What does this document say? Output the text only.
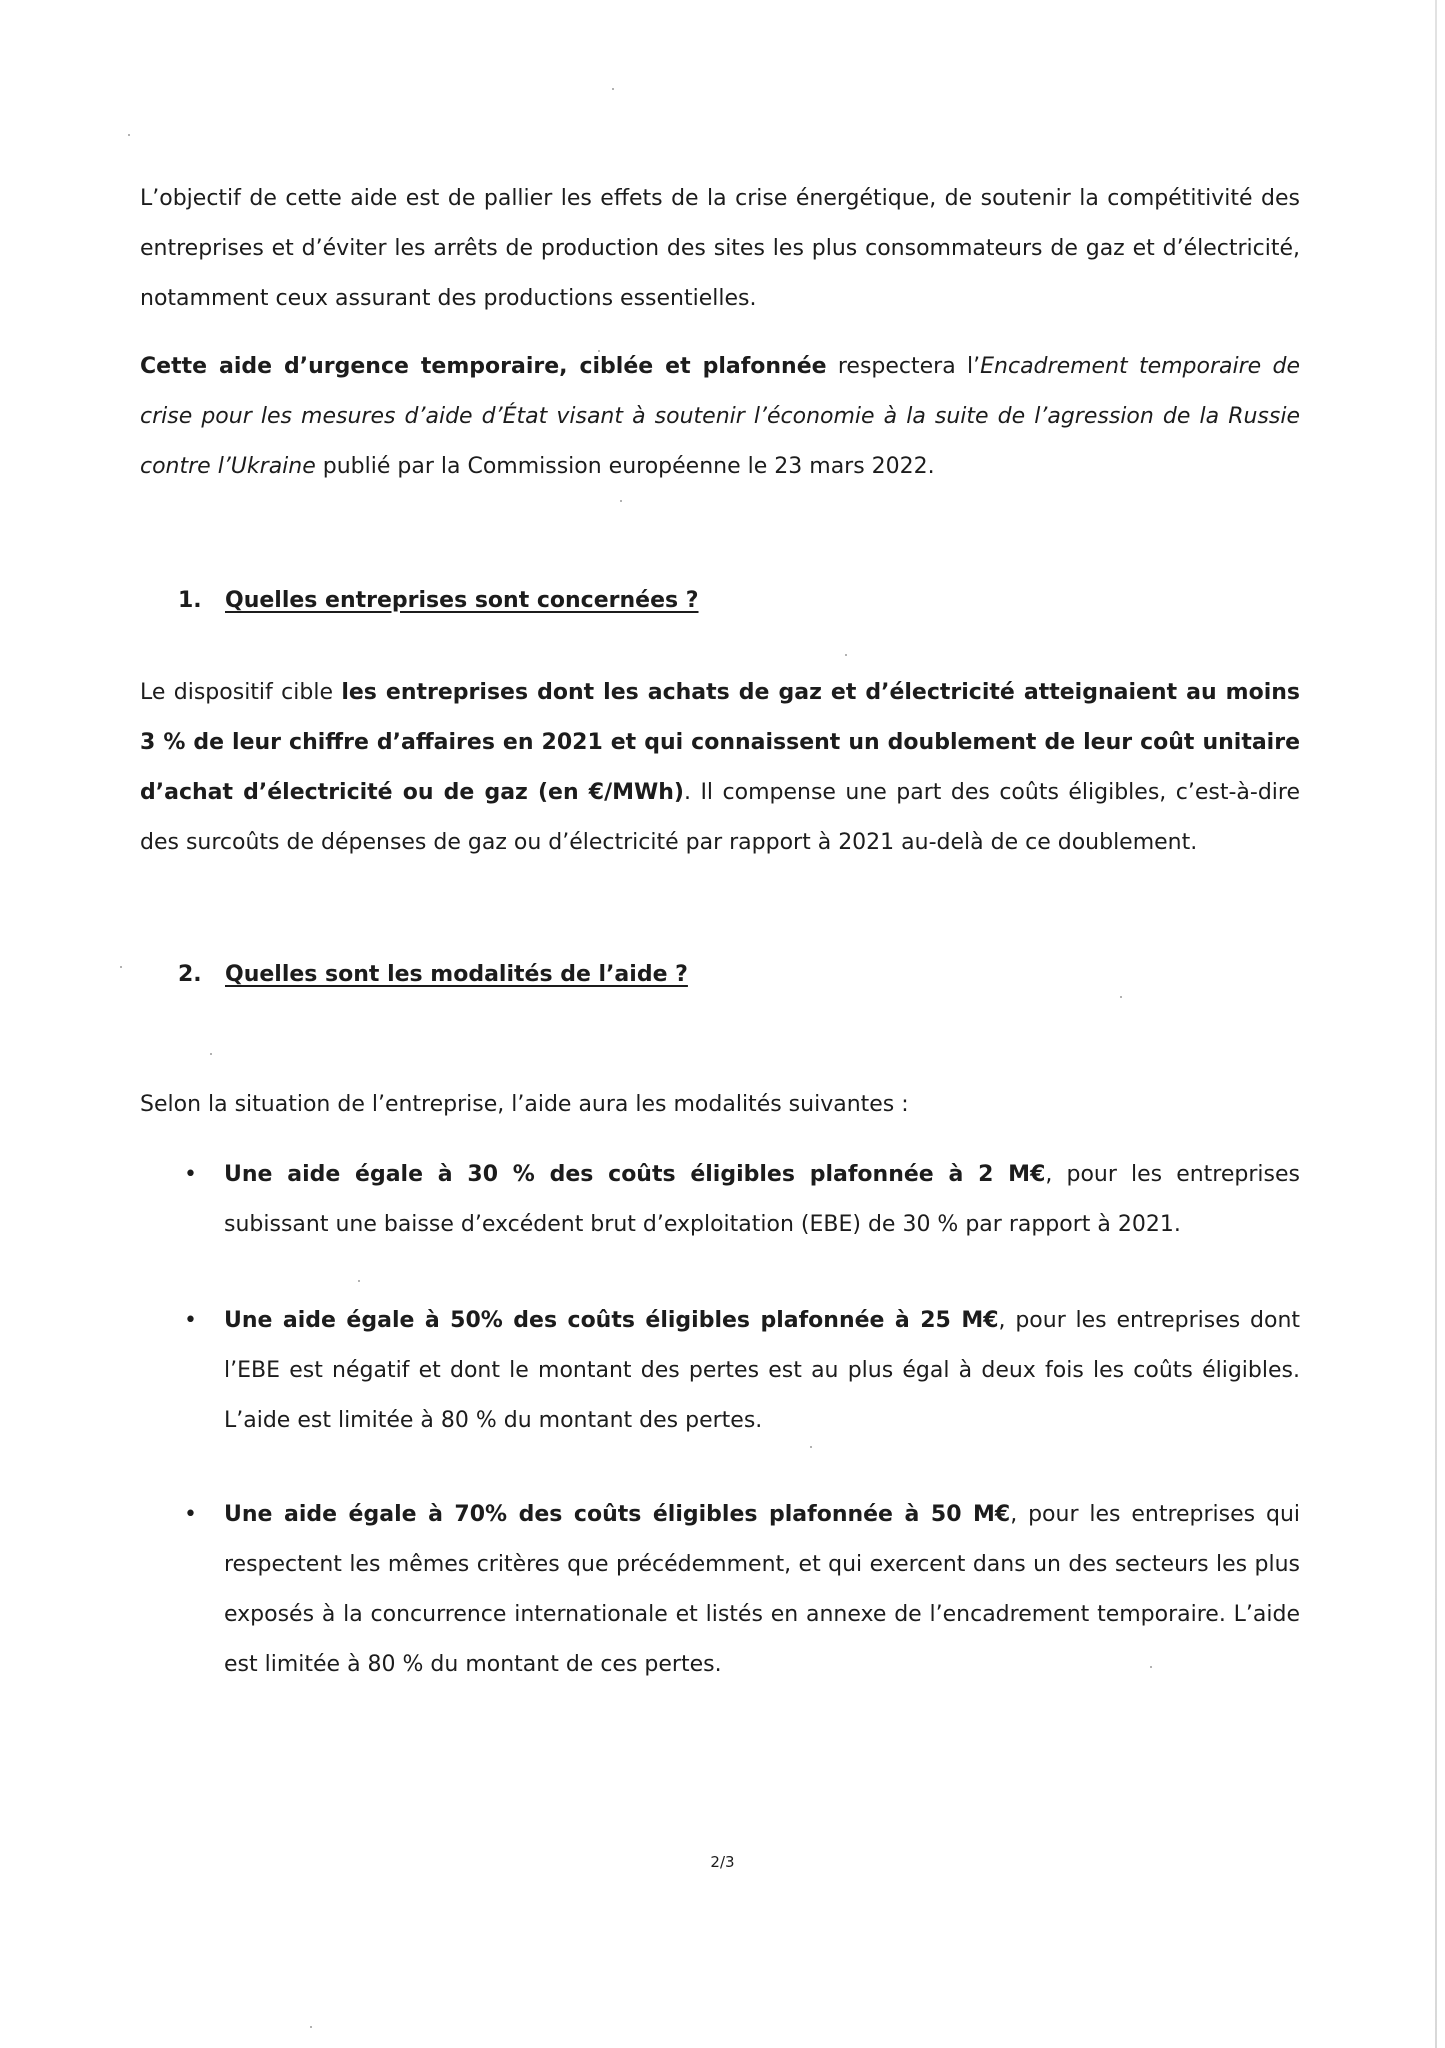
L’objectif de cette aide est de pallier les effets de la crise énergétique, de soutenir la compétitivité des entreprises et d’éviter les arrêts de production des sites les plus consommateurs de gaz et d’électricité, notamment ceux assurant des productions essentielles.

Cette aide d’urgence temporaire, ciblée et plafonnée respectera l’Encadrement temporaire de crise pour les mesures d’aide d’État visant à soutenir l’économie à la suite de l’agression de la Russie contre l’Ukraine publié par la Commission européenne le 23 mars 2022.

1. Quelles entreprises sont concernées ?

Le dispositif cible les entreprises dont les achats de gaz et d’électricité atteignaient au moins 3 % de leur chiffre d’affaires en 2021 et qui connaissent un doublement de leur coût unitaire d’achat d’électricité ou de gaz (en €/MWh). Il compense une part des coûts éligibles, c’est-à-dire des surcoûts de dépenses de gaz ou d’électricité par rapport à 2021 au-delà de ce doublement.

2. Quelles sont les modalités de l’aide ?

Selon la situation de l’entreprise, l’aide aura les modalités suivantes :

• Une aide égale à 30 % des coûts éligibles plafonnée à 2 M€, pour les entreprises subissant une baisse d’excédent brut d’exploitation (EBE) de 30 % par rapport à 2021.
• Une aide égale à 50% des coûts éligibles plafonnée à 25 M€, pour les entreprises dont l’EBE est négatif et dont le montant des pertes est au plus égal à deux fois les coûts éligibles. L’aide est limitée à 80 % du montant des pertes.
• Une aide égale à 70% des coûts éligibles plafonnée à 50 M€, pour les entreprises qui respectent les mêmes critères que précédemment, et qui exercent dans un des secteurs les plus exposés à la concurrence internationale et listés en annexe de l’encadrement temporaire. L’aide est limitée à 80 % du montant de ces pertes.
2/3
